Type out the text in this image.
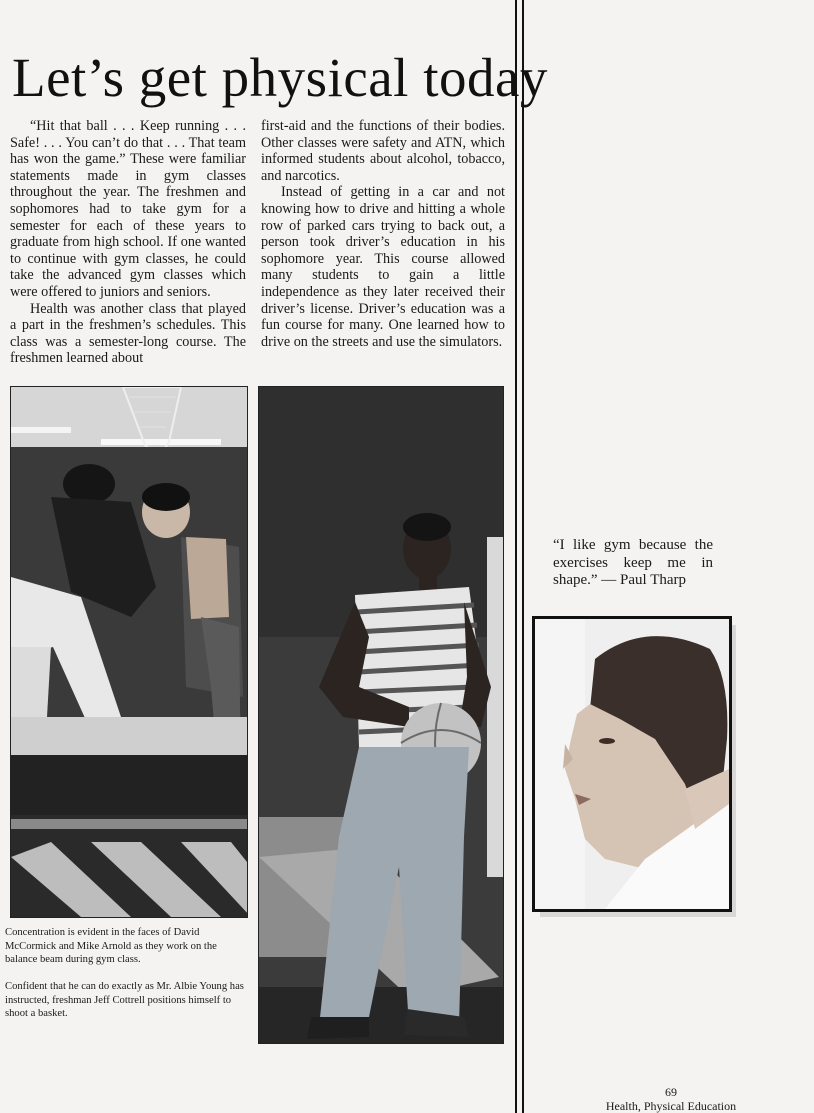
Let’s get physical today

“Hit that ball . . . Keep running . . . Safe! . . . You can’t do that . . . That team has won the game.” These were familiar statements made in gym classes throughout the year. The freshmen and sophomores had to take gym for a semester for each of these years to graduate from high school. If one wanted to continue with gym classes, he could take the advanced gym classes which were offered to juniors and seniors.

Health was another class that played a part in the freshmen’s schedules. This class was a semester-long course. The freshmen learned about

first-aid and the functions of their bodies. Other classes were safety and ATN, which informed students about alcohol, tobacco, and narcotics.

Instead of getting in a car and not knowing how to drive and hitting a whole row of parked cars trying to back out, a person took driver’s education in his sophomore year. This course allowed many students to gain a little independence as they later received their driver’s license. Driver’s education was a fun course for many. One learned how to drive on the streets and use the simulators.

Concentration is evident in the faces of David McCormick and Mike Arnold as they work on the balance beam during gym class.
Confident that he can do exactly as Mr. Albie Young has instructed, freshman Jeff Cottrell positions himself to shoot a basket.
“I like gym because the exercises keep me in shape.” — Paul Tharp
69
Health, Physical Education
